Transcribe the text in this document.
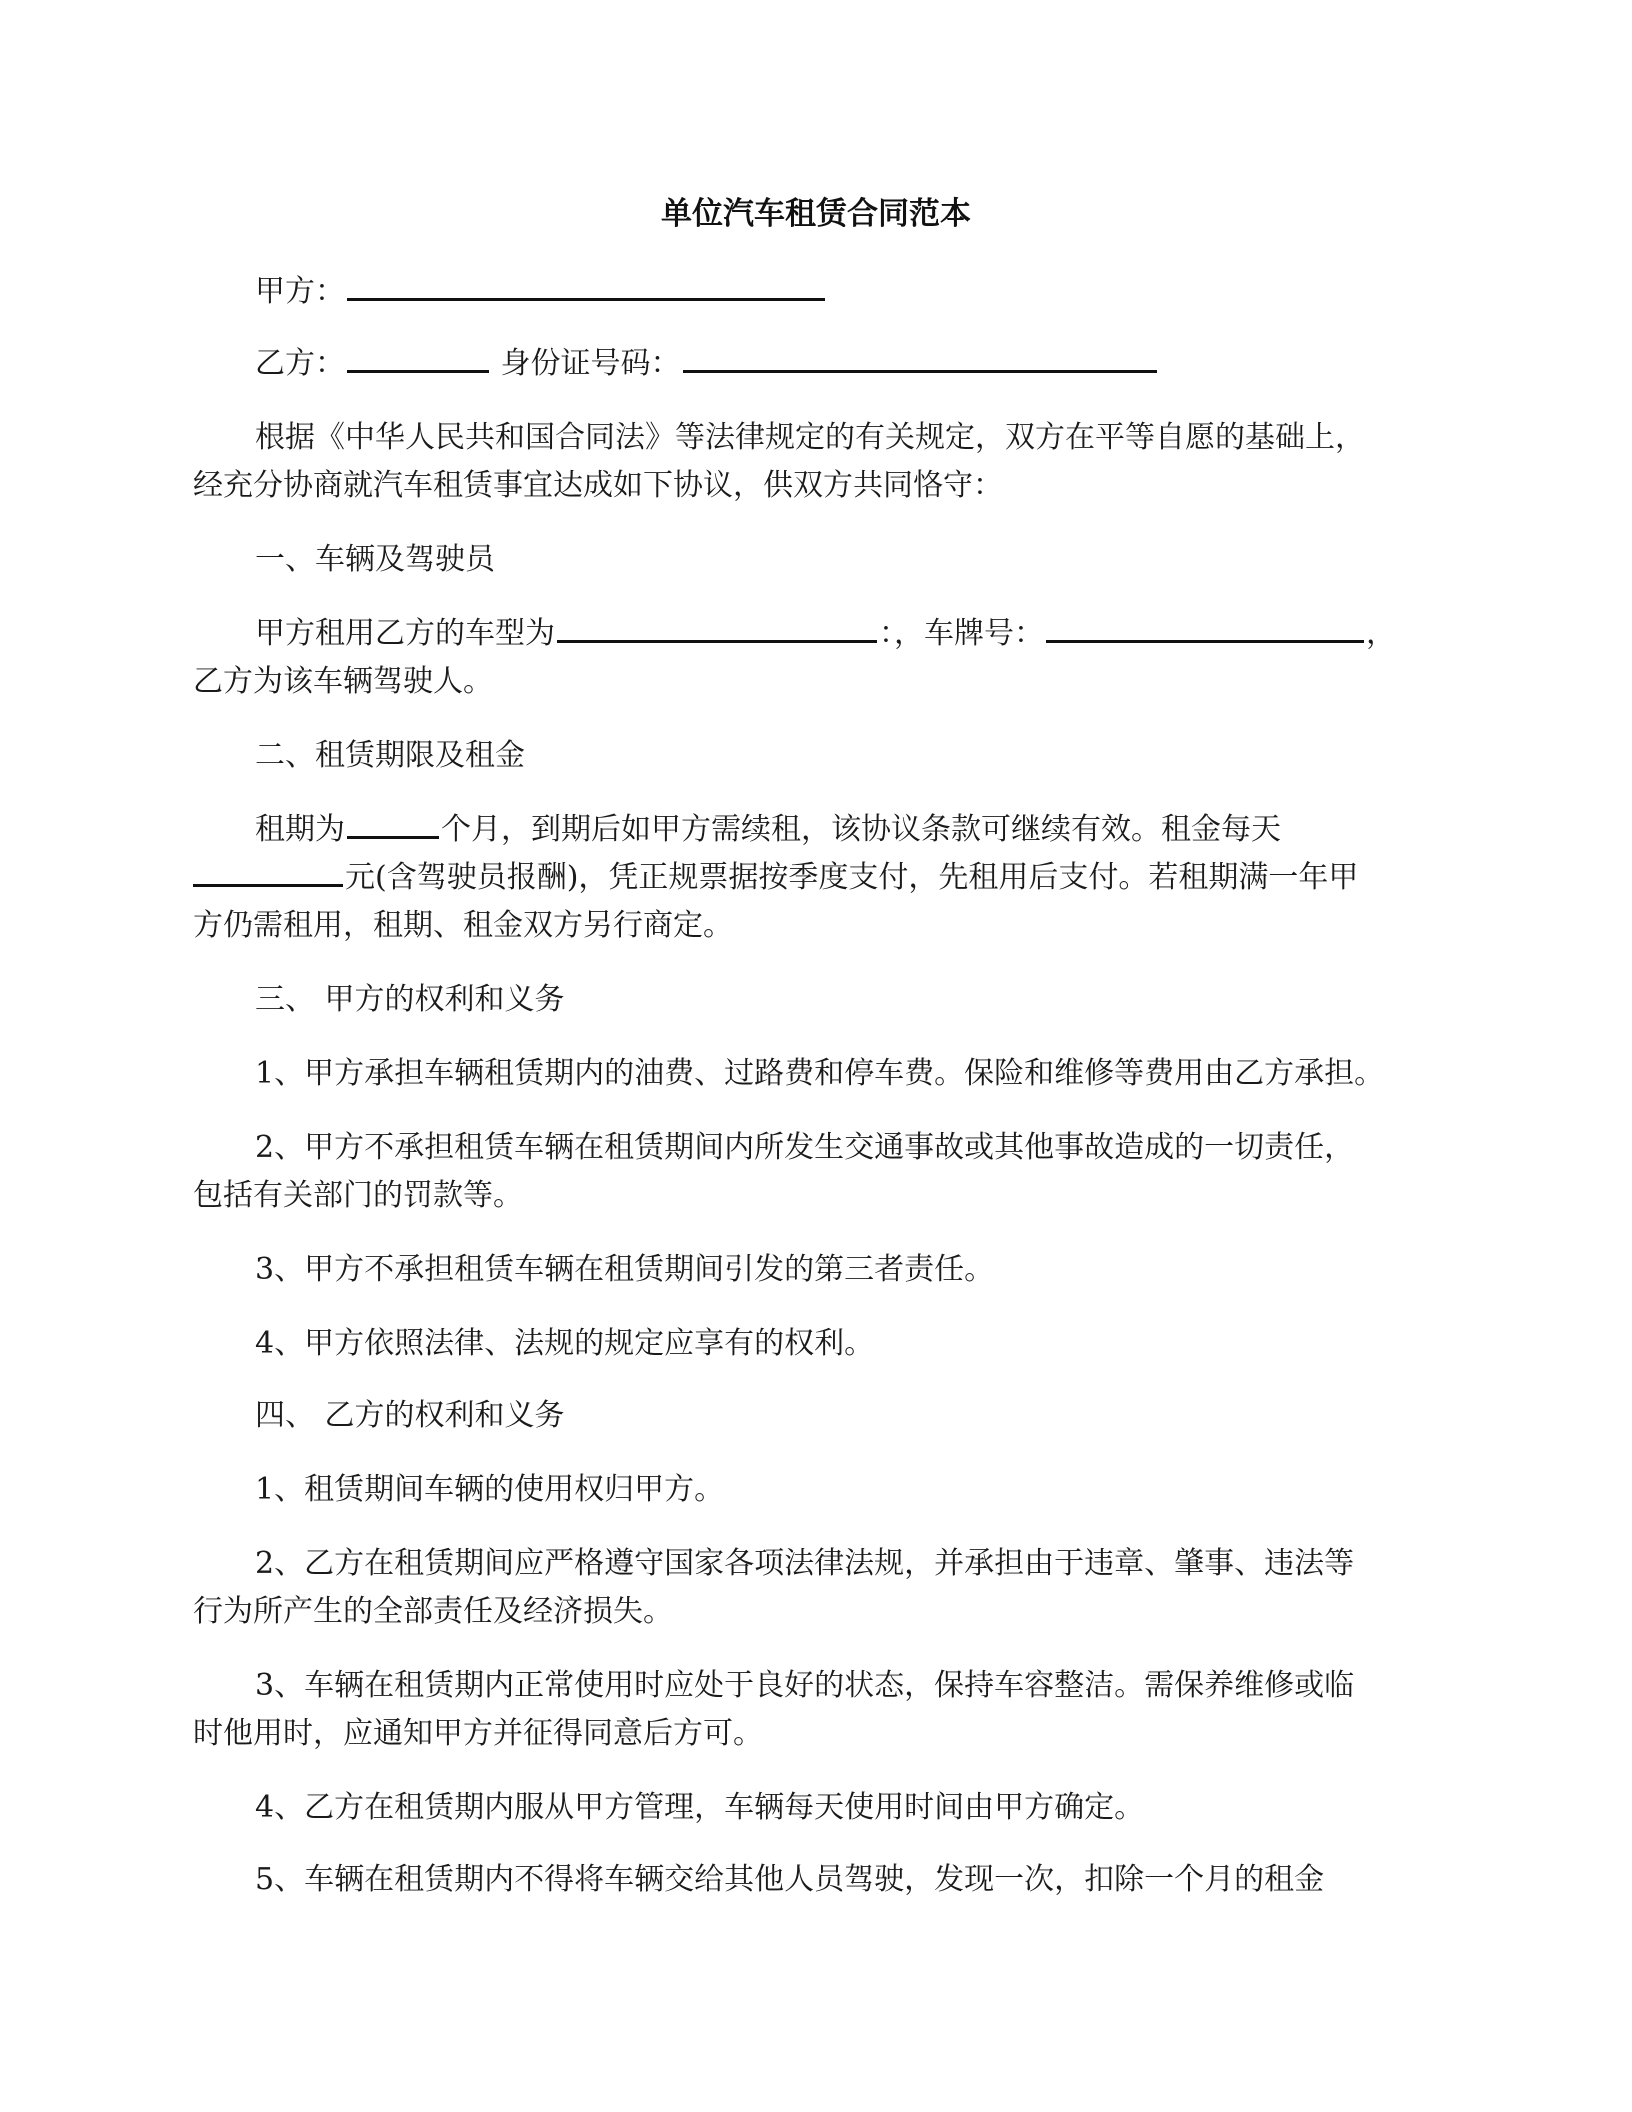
单位汽车租赁合同范本
甲方：
乙方：	身份证号码：
根据《中华人民共和国合同法》等法律规定的有关规定，双方在平等自愿的基础上，
经充分协商就汽车租赁事宜达成如下协议，供双方共同恪守：
一、车辆及驾驶员
甲方租用乙方的车型为	：，车牌号：	，
乙方为该车辆驾驶人。
二、租赁期限及租金
租期为	个月，到期后如甲方需续租，该协议条款可继续有效。租金每天
元(含驾驶员报酬)，凭正规票据按季度支付，先租用后支付。若租期满一年甲
方仍需租用，租期、租金双方另行商定。
三、 甲方的权利和义务
1、甲方承担车辆租赁期内的油费、过路费和停车费。保险和维修等费用由乙方承担。
2、甲方不承担租赁车辆在租赁期间内所发生交通事故或其他事故造成的一切责任，
包括有关部门的罚款等。
3、甲方不承担租赁车辆在租赁期间引发的第三者责任。
4、甲方依照法律、法规的规定应享有的权利。
四、 乙方的权利和义务
1、租赁期间车辆的使用权归甲方。
2、乙方在租赁期间应严格遵守国家各项法律法规，并承担由于违章、肇事、违法等
行为所产生的全部责任及经济损失。
3、车辆在租赁期内正常使用时应处于良好的状态，保持车容整洁。需保养维修或临
时他用时，应通知甲方并征得同意后方可。
4、乙方在租赁期内服从甲方管理，车辆每天使用时间由甲方确定。
5、车辆在租赁期内不得将车辆交给其他人员驾驶，发现一次，扣除一个月的租金
